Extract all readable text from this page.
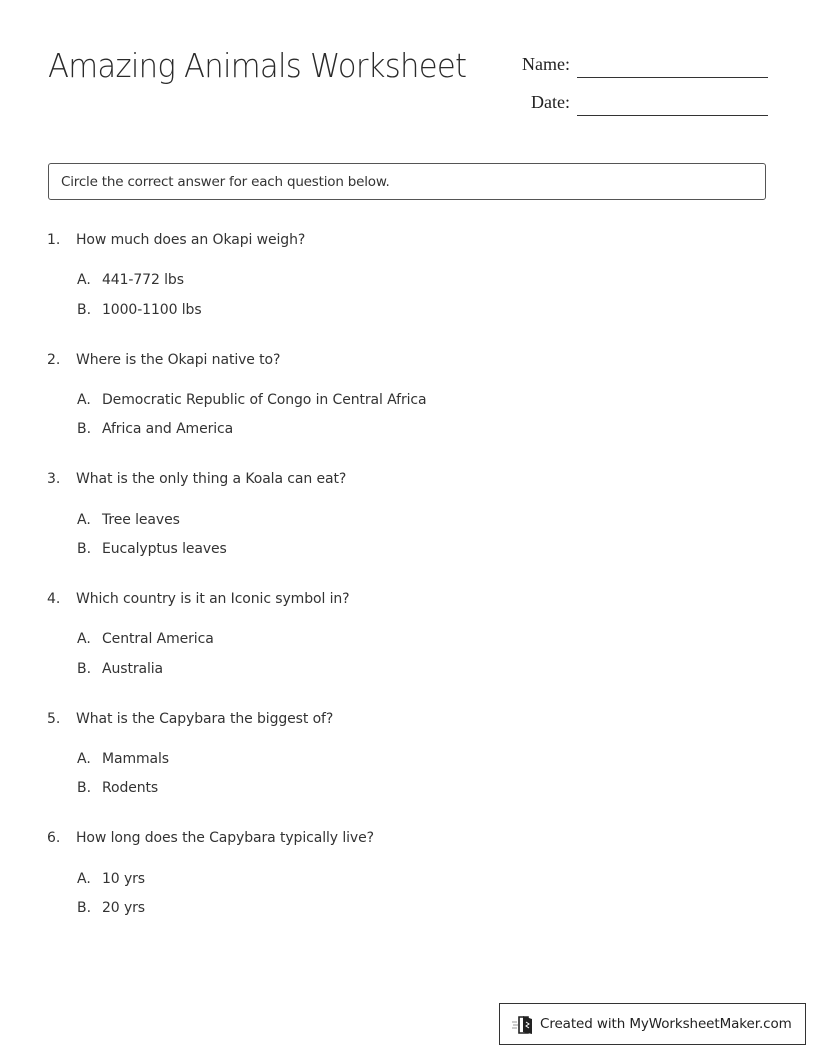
Amazing Animals Worksheet	Name:
Date:
Circle the correct answer for each question below.
1. How much does an Okapi weigh?
A. 441-772 lbs
B. 1000-1100 lbs
2. Where is the Okapi native to?
A. Democratic Republic of Congo in Central Africa
B. Africa and America
3. What is the only thing a Koala can eat?
A. Tree leaves
B. Eucalyptus leaves
4. Which country is it an Iconic symbol in?
A. Central America
B. Australia
5. What is the Capybara the biggest of?
A. Mammals
B. Rodents
6. How long does the Capybara typically live?
A. 10 yrs
B. 20 yrs
Created with MyWorksheetMaker.com
